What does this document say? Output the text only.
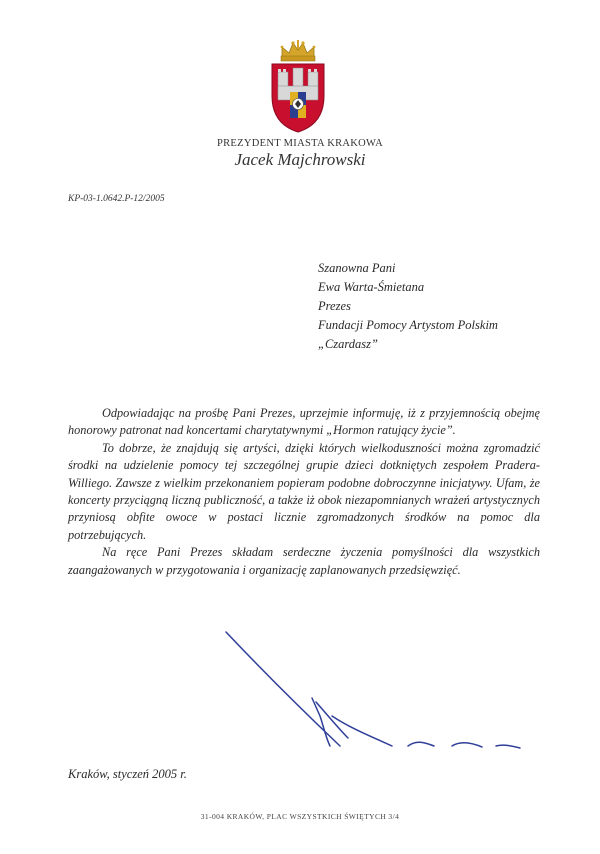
PREZYDENT MIASTA KRAKOWA
Jacek Majchrowski
KP-03-1.0642.P-12/2005
Szanowna Pani
Ewa Warta-Śmietana
Prezes
Fundacji Pomocy Artystom Polskim
„Czardasz”

Odpowiadając na prośbę Pani Prezes, uprzejmie informuję, iż z przyjemnością obejmę honorowy patronat nad koncertami charytatywnymi „Hormon ratujący życie”.

To dobrze, że znajdują się artyści, dzięki których wielkoduszności można zgromadzić środki na udzielenie pomocy tej szczególnej grupie dzieci dotkniętych zespołem Pradera-Williego. Zawsze z wielkim przekonaniem popieram podobne dobroczynne inicjatywy. Ufam, że koncerty przyciągną liczną publiczność, a także iż obok niezapomnianych wrażeń artystycznych przyniosą obfite owoce w postaci licznie zgromadzonych środków na pomoc dla potrzebujących.

Na ręce Pani Prezes składam serdeczne życzenia pomyślności dla wszystkich zaangażowanych w przygotowania i organizację zaplanowanych przedsięwzięć.

Kraków, styczeń 2005 r.
31-004 KRAKÓW, PLAC WSZYSTKICH ŚWIĘTYCH 3/4
